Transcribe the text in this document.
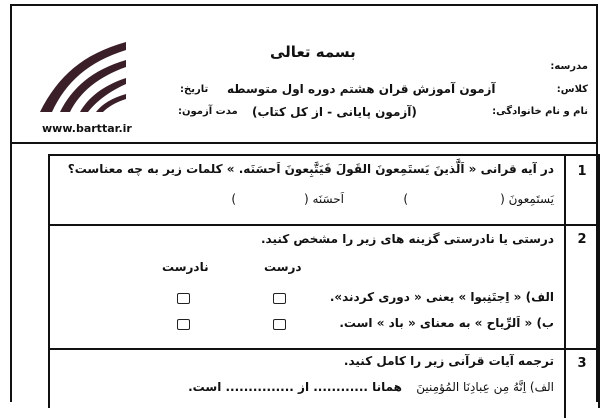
www.barttar.ir
بسمه تعالی
آزمون آموزش قران هشتم دوره اول متوسطه
(آزمون پایانی - از کل کتاب)
مدرسه:
کلاس:
نام و نام خانوادگی:
تاریخ:
مدت آزمون:
1
در آیه قرانی « اَلَّذینَ یَستَمِعونَ القَولَ فَیَتَّبِعونَ اَحسَنَه. » کلمات زیر به چه معناست؟
یَستَمِعونَ (
)
اَحسَنَه (
)
2
درستی یا نادرستی گزینه های زیر را مشخص کنید.
درست
نادرست
الف) « اِجتَنِبوا » یعنی « دوری کردند».
ب) « اَلرِّیاح » به معنای « باد » است.
3
ترجمه آیات قرآنی زیر را کامل کنید.
الف) اِنَّهُ مِن عِبادِنَا المُؤمِنینَ
همانا ............ از ............... است.
